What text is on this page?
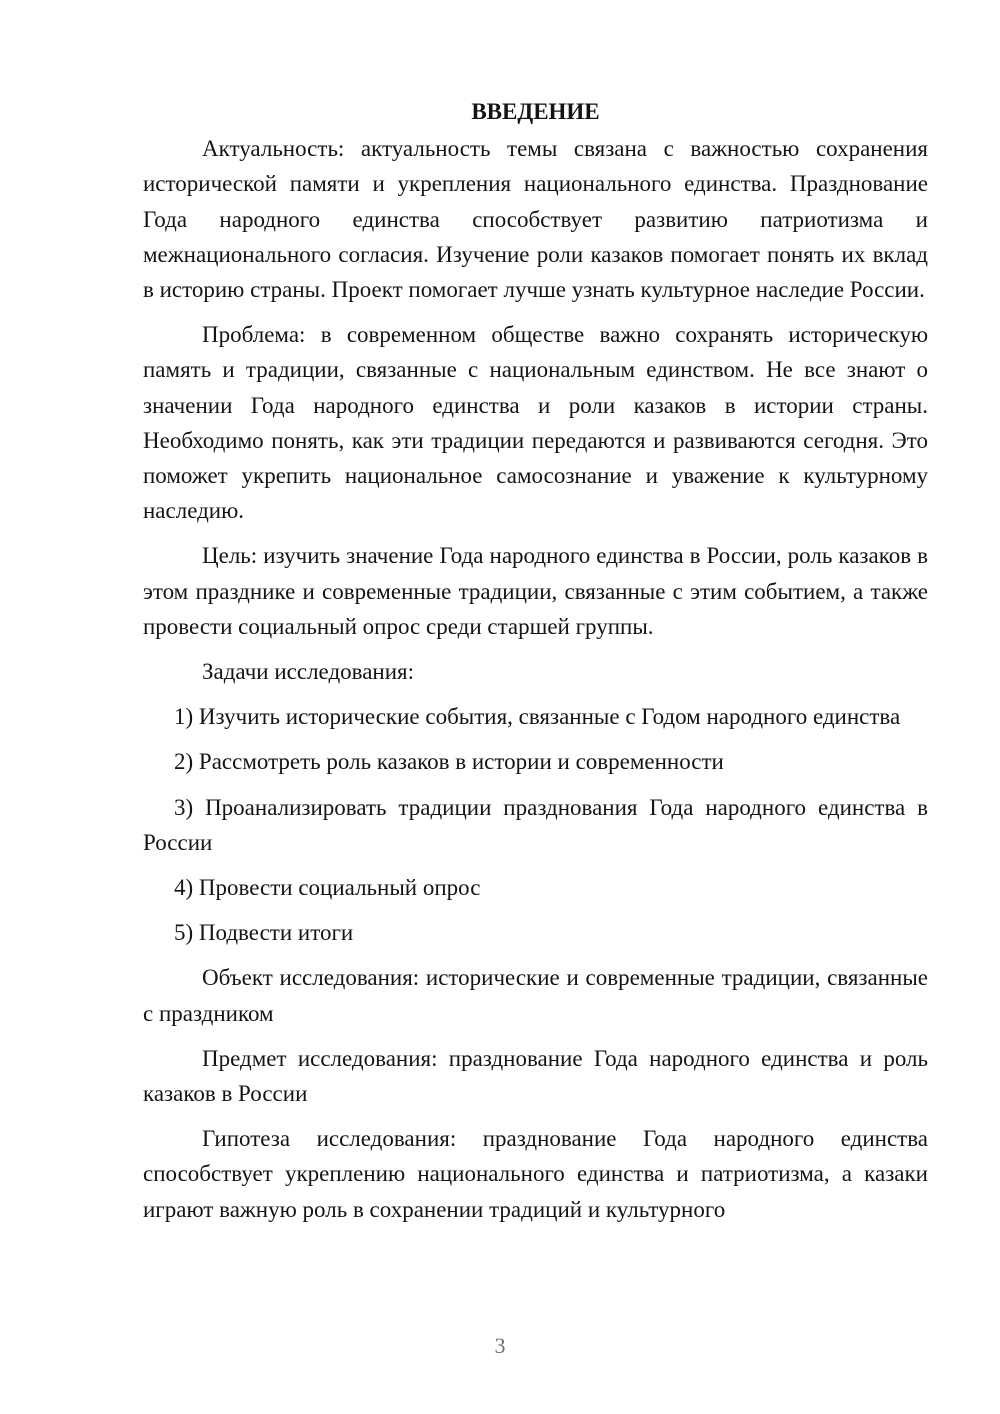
ВВЕДЕНИЕ

Актуальность: актуальность темы связана с важностью сохранения исторической памяти и укрепления национального единства. Празднование Года народного единства способствует развитию патриотизма и межнационального согласия. Изучение роли казаков помогает понять их вклад в историю страны. Проект помогает лучше узнать культурное наследие России.

Проблема: в современном обществе важно сохранять историческую память и традиции, связанные с национальным единством. Не все знают о значении Года народного единства и роли казаков в истории страны. Необходимо понять, как эти традиции передаются и развиваются сегодня. Это поможет укрепить национальное самосознание и уважение к культурному наследию.

Цель: изучить значение Года народного единства в России, роль казаков в этом празднике и современные традиции, связанные с этим событием, а также провести социальный опрос среди старшей группы.

Задачи исследования:

1) Изучить исторические события, связанные с Годом народного единства

2) Рассмотреть роль казаков в истории и современности

3) Проанализировать традиции празднования Года народного единства в России

4) Провести социальный опрос

5) Подвести итоги

Объект исследования: исторические и современные традиции, связанные с праздником

Предмет исследования: празднование Года народного единства и роль казаков в России

Гипотеза исследования: празднование Года народного единства способствует укреплению национального единства и патриотизма, а казаки играют важную роль в сохранении традиций и культурного

3
